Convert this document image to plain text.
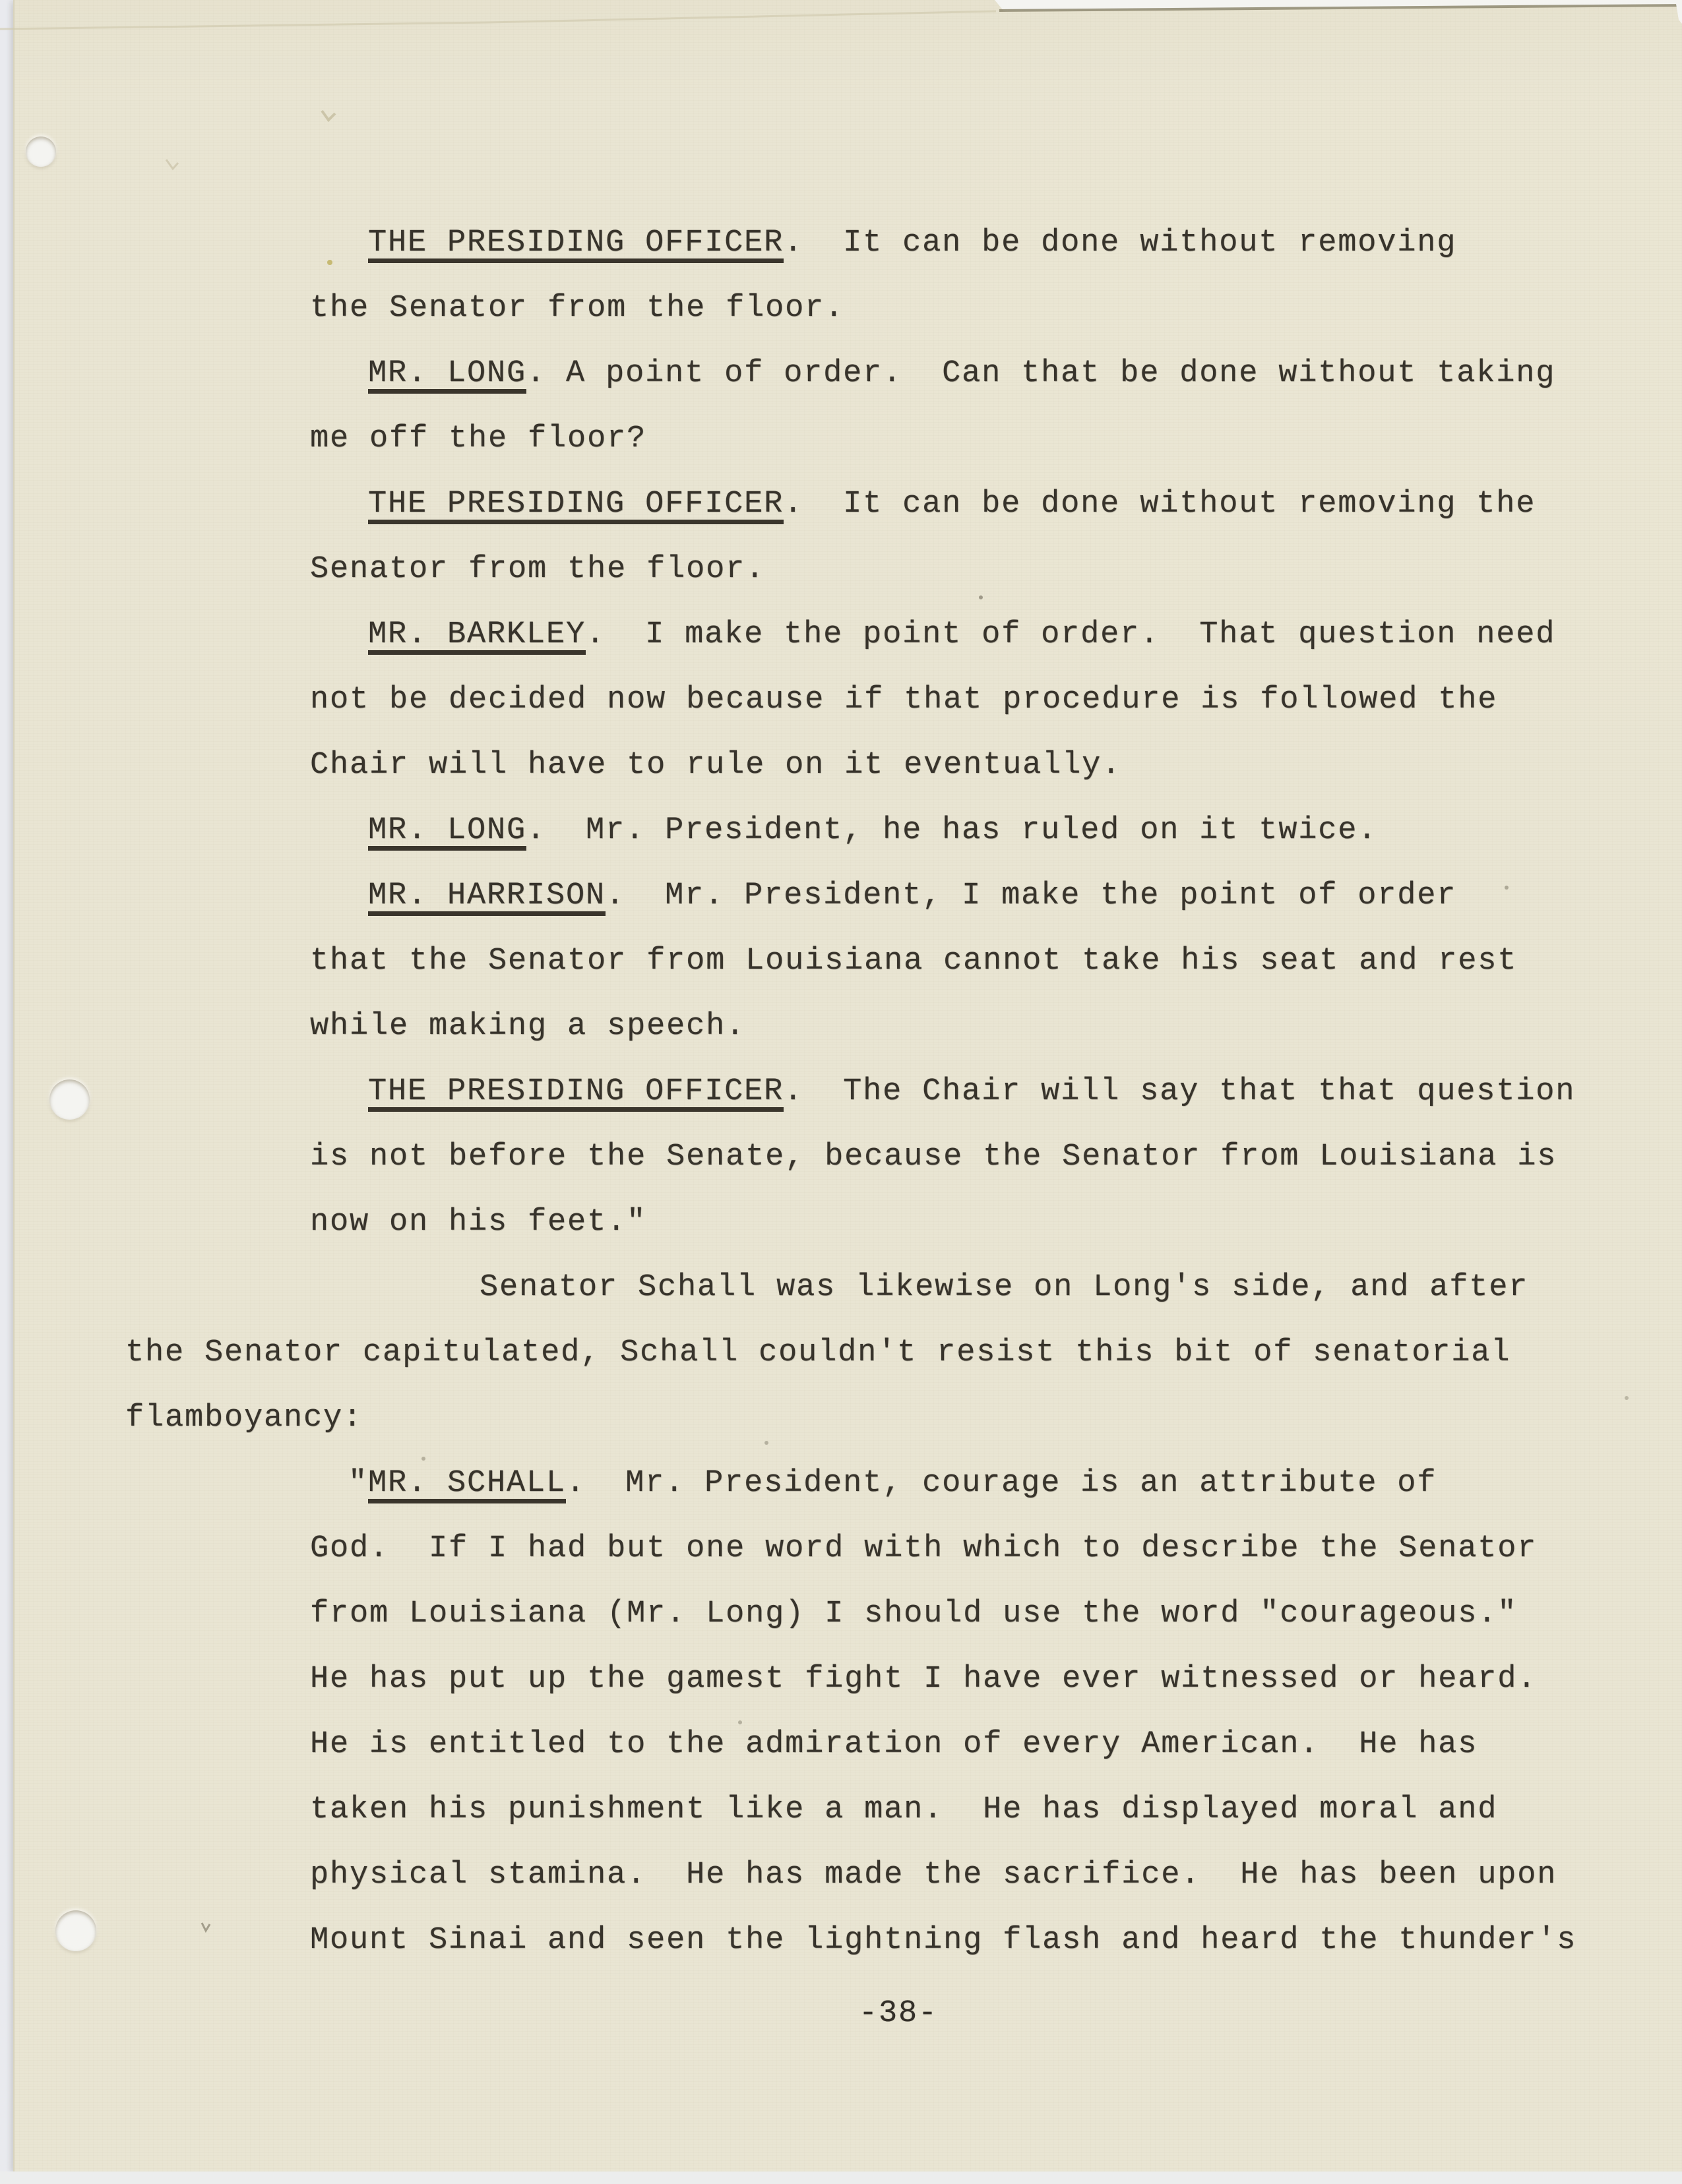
THE PRESIDING OFFICER.  It can be done without removing
the Senator from the floor.
MR. LONG. A point of order.  Can that be done without taking
me off the floor?
THE PRESIDING OFFICER.  It can be done without removing the
Senator from the floor.
MR. BARKLEY.  I make the point of order.  That question need
not be decided now because if that procedure is followed the
Chair will have to rule on it eventually.
MR. LONG.  Mr. President, he has ruled on it twice.
MR. HARRISON.  Mr. President, I make the point of order
that the Senator from Louisiana cannot take his seat and rest
while making a speech.
THE PRESIDING OFFICER.  The Chair will say that that question
is not before the Senate, because the Senator from Louisiana is
now on his feet."
Senator Schall was likewise on Long's side, and after
the Senator capitulated, Schall couldn't resist this bit of senatorial
flamboyancy:
"MR. SCHALL.  Mr. President, courage is an attribute of
God.  If I had but one word with which to describe the Senator
from Louisiana (Mr. Long) I should use the word "courageous."
He has put up the gamest fight I have ever witnessed or heard.
He is entitled to the admiration of every American.  He has
taken his punishment like a man.  He has displayed moral and
physical stamina.  He has made the sacrifice.  He has been upon
Mount Sinai and seen the lightning flash and heard the thunder's
-38-
